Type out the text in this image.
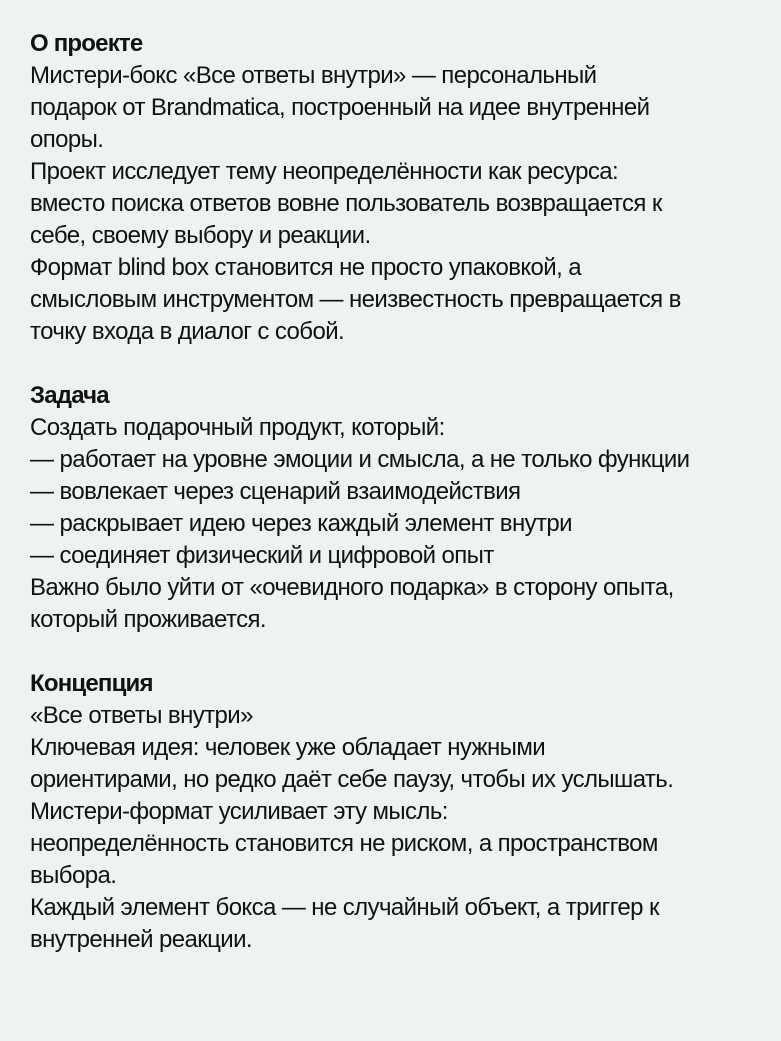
О проекте
Мистери-бокс «Все ответы внутри» — персональный
подарок от Brandmatica, построенный на идее внутренней
опоры.
Проект исследует тему неопределённости как ресурса:
вместо поиска ответов вовне пользователь возвращается к
себе, своему выбору и реакции.
Формат blind box становится не просто упаковкой, а
смысловым инструментом — неизвестность превращается в
точку входа в диалог с собой.
Задача
Создать подарочный продукт, который:
— работает на уровне эмоции и смысла, а не только функции
— вовлекает через сценарий взаимодействия
— раскрывает идею через каждый элемент внутри
— соединяет физический и цифровой опыт
Важно было уйти от «очевидного подарка» в сторону опыта,
который проживается.
Концепция
«Все ответы внутри»
Ключевая идея: человек уже обладает нужными
ориентирами, но редко даёт себе паузу, чтобы их услышать.
Мистери-формат усиливает эту мысль:
неопределённость становится не риском, а пространством
выбора.
Каждый элемент бокса — не случайный объект, а триггер к
внутренней реакции.
